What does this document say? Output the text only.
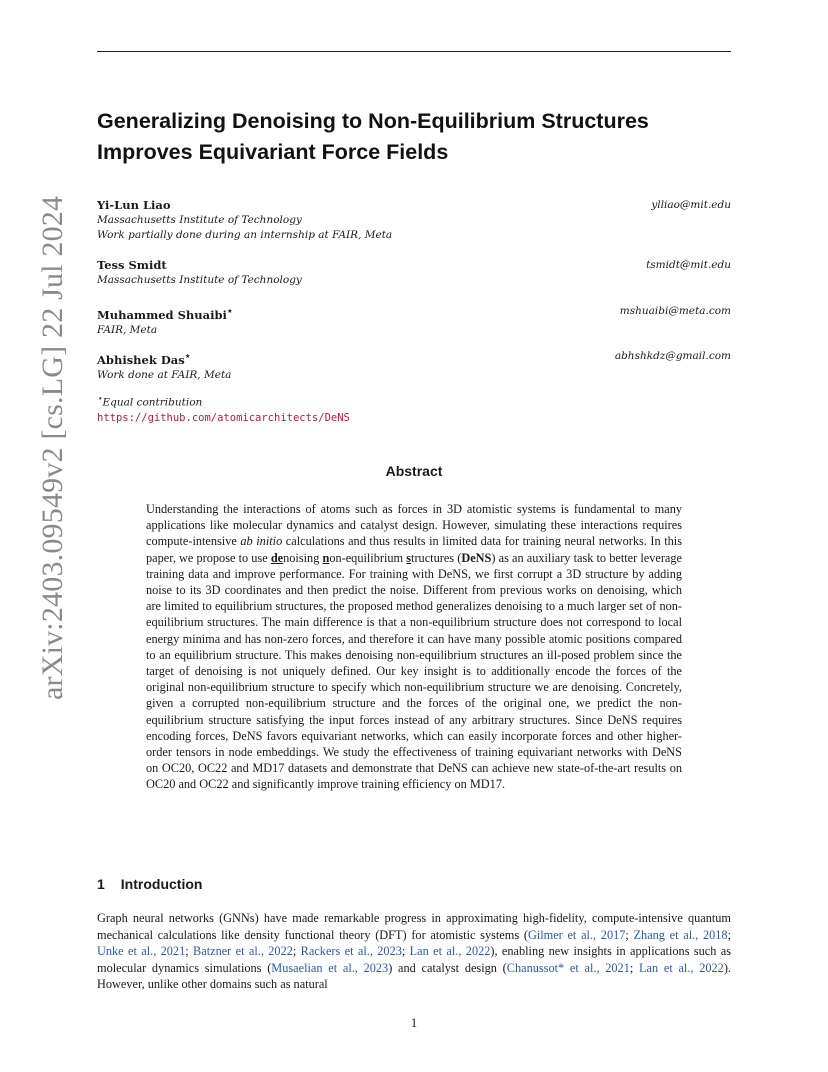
arXiv:2403.09549v2 [cs.LG] 22 Jul 2024
Generalizing Denoising to Non-Equilibrium Structures
Improves Equivariant Force Fields
Yi-Lun Liao
Massachusetts Institute of Technology
Work partially done during an internship at FAIR, Meta
ylliao@mit.edu
Tess Smidt
Massachusetts Institute of Technology
tsmidt@mit.edu
Muhammed Shuaibi⋆
FAIR, Meta
mshuaibi@meta.com
Abhishek Das⋆
Work done at FAIR, Meta
abhshkdz@gmail.com
⋆Equal contribution
https://github.com/atomicarchitects/DeNS
Abstract
Understanding the interactions of atoms such as forces in 3D atomistic systems is fundamental to many applications like molecular dynamics and catalyst design. However, simulating these interactions requires compute-intensive ab initio calculations and thus results in limited data for training neural networks. In this paper, we propose to use denoising non-equilibrium structures (DeNS) as an auxiliary task to better leverage training data and improve performance. For training with DeNS, we first corrupt a 3D structure by adding noise to its 3D coordinates and then predict the noise. Different from previous works on denoising, which are limited to equilibrium structures, the proposed method generalizes denoising to a much larger set of non-equilibrium structures. The main difference is that a non-equilibrium structure does not correspond to local energy minima and has non-zero forces, and therefore it can have many possible atomic positions compared to an equilibrium structure. This makes denoising non-equilibrium structures an ill-posed problem since the target of denoising is not uniquely defined. Our key insight is to additionally encode the forces of the original non-equilibrium structure to specify which non-equilibrium structure we are denoising. Concretely, given a corrupted non-equilibrium structure and the forces of the original one, we predict the non-equilibrium structure satisfying the input forces instead of any arbitrary structures. Since DeNS requires encoding forces, DeNS favors equivariant networks, which can easily incorporate forces and other higher-order tensors in node embeddings. We study the effectiveness of training equivariant networks with DeNS on OC20, OC22 and MD17 datasets and demonstrate that DeNS can achieve new state-of-the-art results on OC20 and OC22 and significantly improve training efficiency on MD17.
1 Introduction
Graph neural networks (GNNs) have made remarkable progress in approximating high-fidelity, compute-intensive quantum mechanical calculations like density functional theory (DFT) for atomistic systems (Gilmer et al., 2017; Zhang et al., 2018; Unke et al., 2021; Batzner et al., 2022; Rackers et al., 2023; Lan et al., 2022), enabling new insights in applications such as molecular dynamics simulations (Musaelian et al., 2023) and catalyst design (Chanussot* et al., 2021; Lan et al., 2022). However, unlike other domains such as natural
1
